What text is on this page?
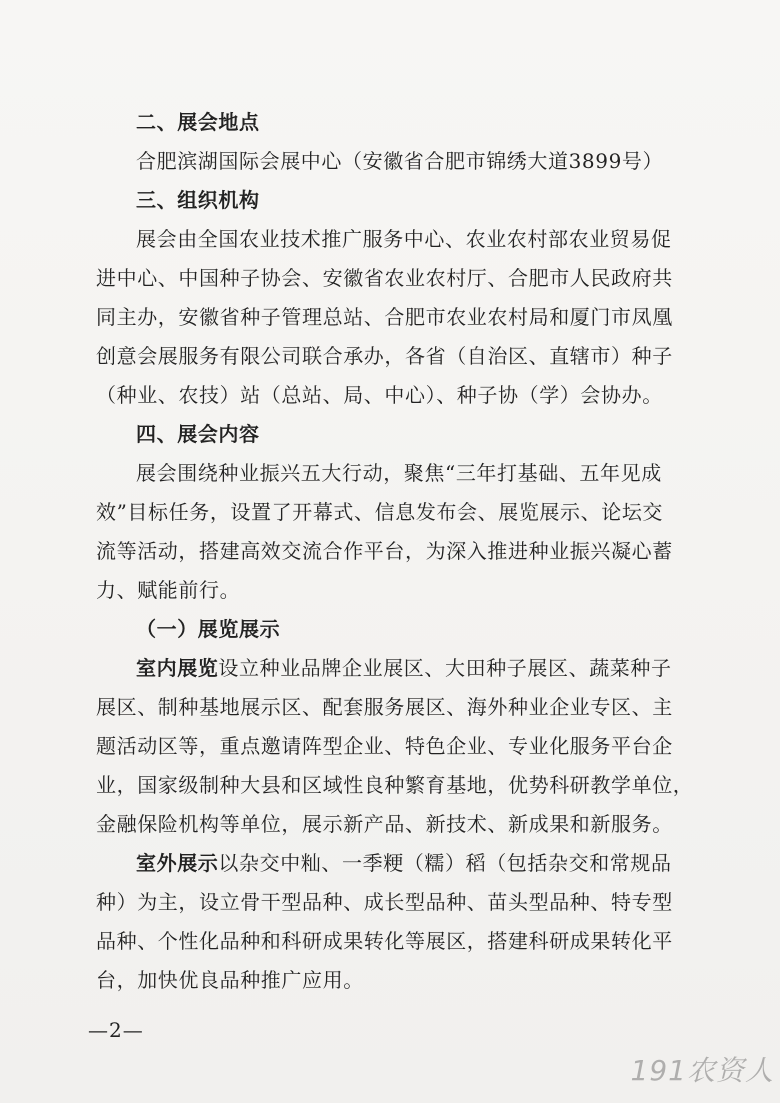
二、展会地点
合肥滨湖国际会展中心（安徽省合肥市锦绣大道3899号）
三、组织机构
展会由全国农业技术推广服务中心、农业农村部农业贸易促
进中心、中国种子协会、安徽省农业农村厅、合肥市人民政府共
同主办，安徽省种子管理总站、合肥市农业农村局和厦门市凤凰
创意会展服务有限公司联合承办，各省（自治区、直辖市）种子
（种业、农技）站（总站、局、中心）、种子协（学）会协办。
四、展会内容
展会围绕种业振兴五大行动，聚焦“三年打基础、五年见成
效”目标任务，设置了开幕式、信息发布会、展览展示、论坛交
流等活动，搭建高效交流合作平台，为深入推进种业振兴凝心蓄
力、赋能前行。
（一）展览展示
室内展览设立种业品牌企业展区、大田种子展区、蔬菜种子
展区、制种基地展示区、配套服务展区、海外种业企业专区、主
题活动区等，重点邀请阵型企业、特色企业、专业化服务平台企
业，国家级制种大县和区域性良种繁育基地，优势科研教学单位，
金融保险机构等单位，展示新产品、新技术、新成果和新服务。
室外展示以杂交中籼、一季粳（糯）稻（包括杂交和常规品
种）为主，设立骨干型品种、成长型品种、苗头型品种、特专型
品种、个性化品种和科研成果转化等展区，搭建科研成果转化平
台，加快优良品种推广应用。
—2—
191农资人
